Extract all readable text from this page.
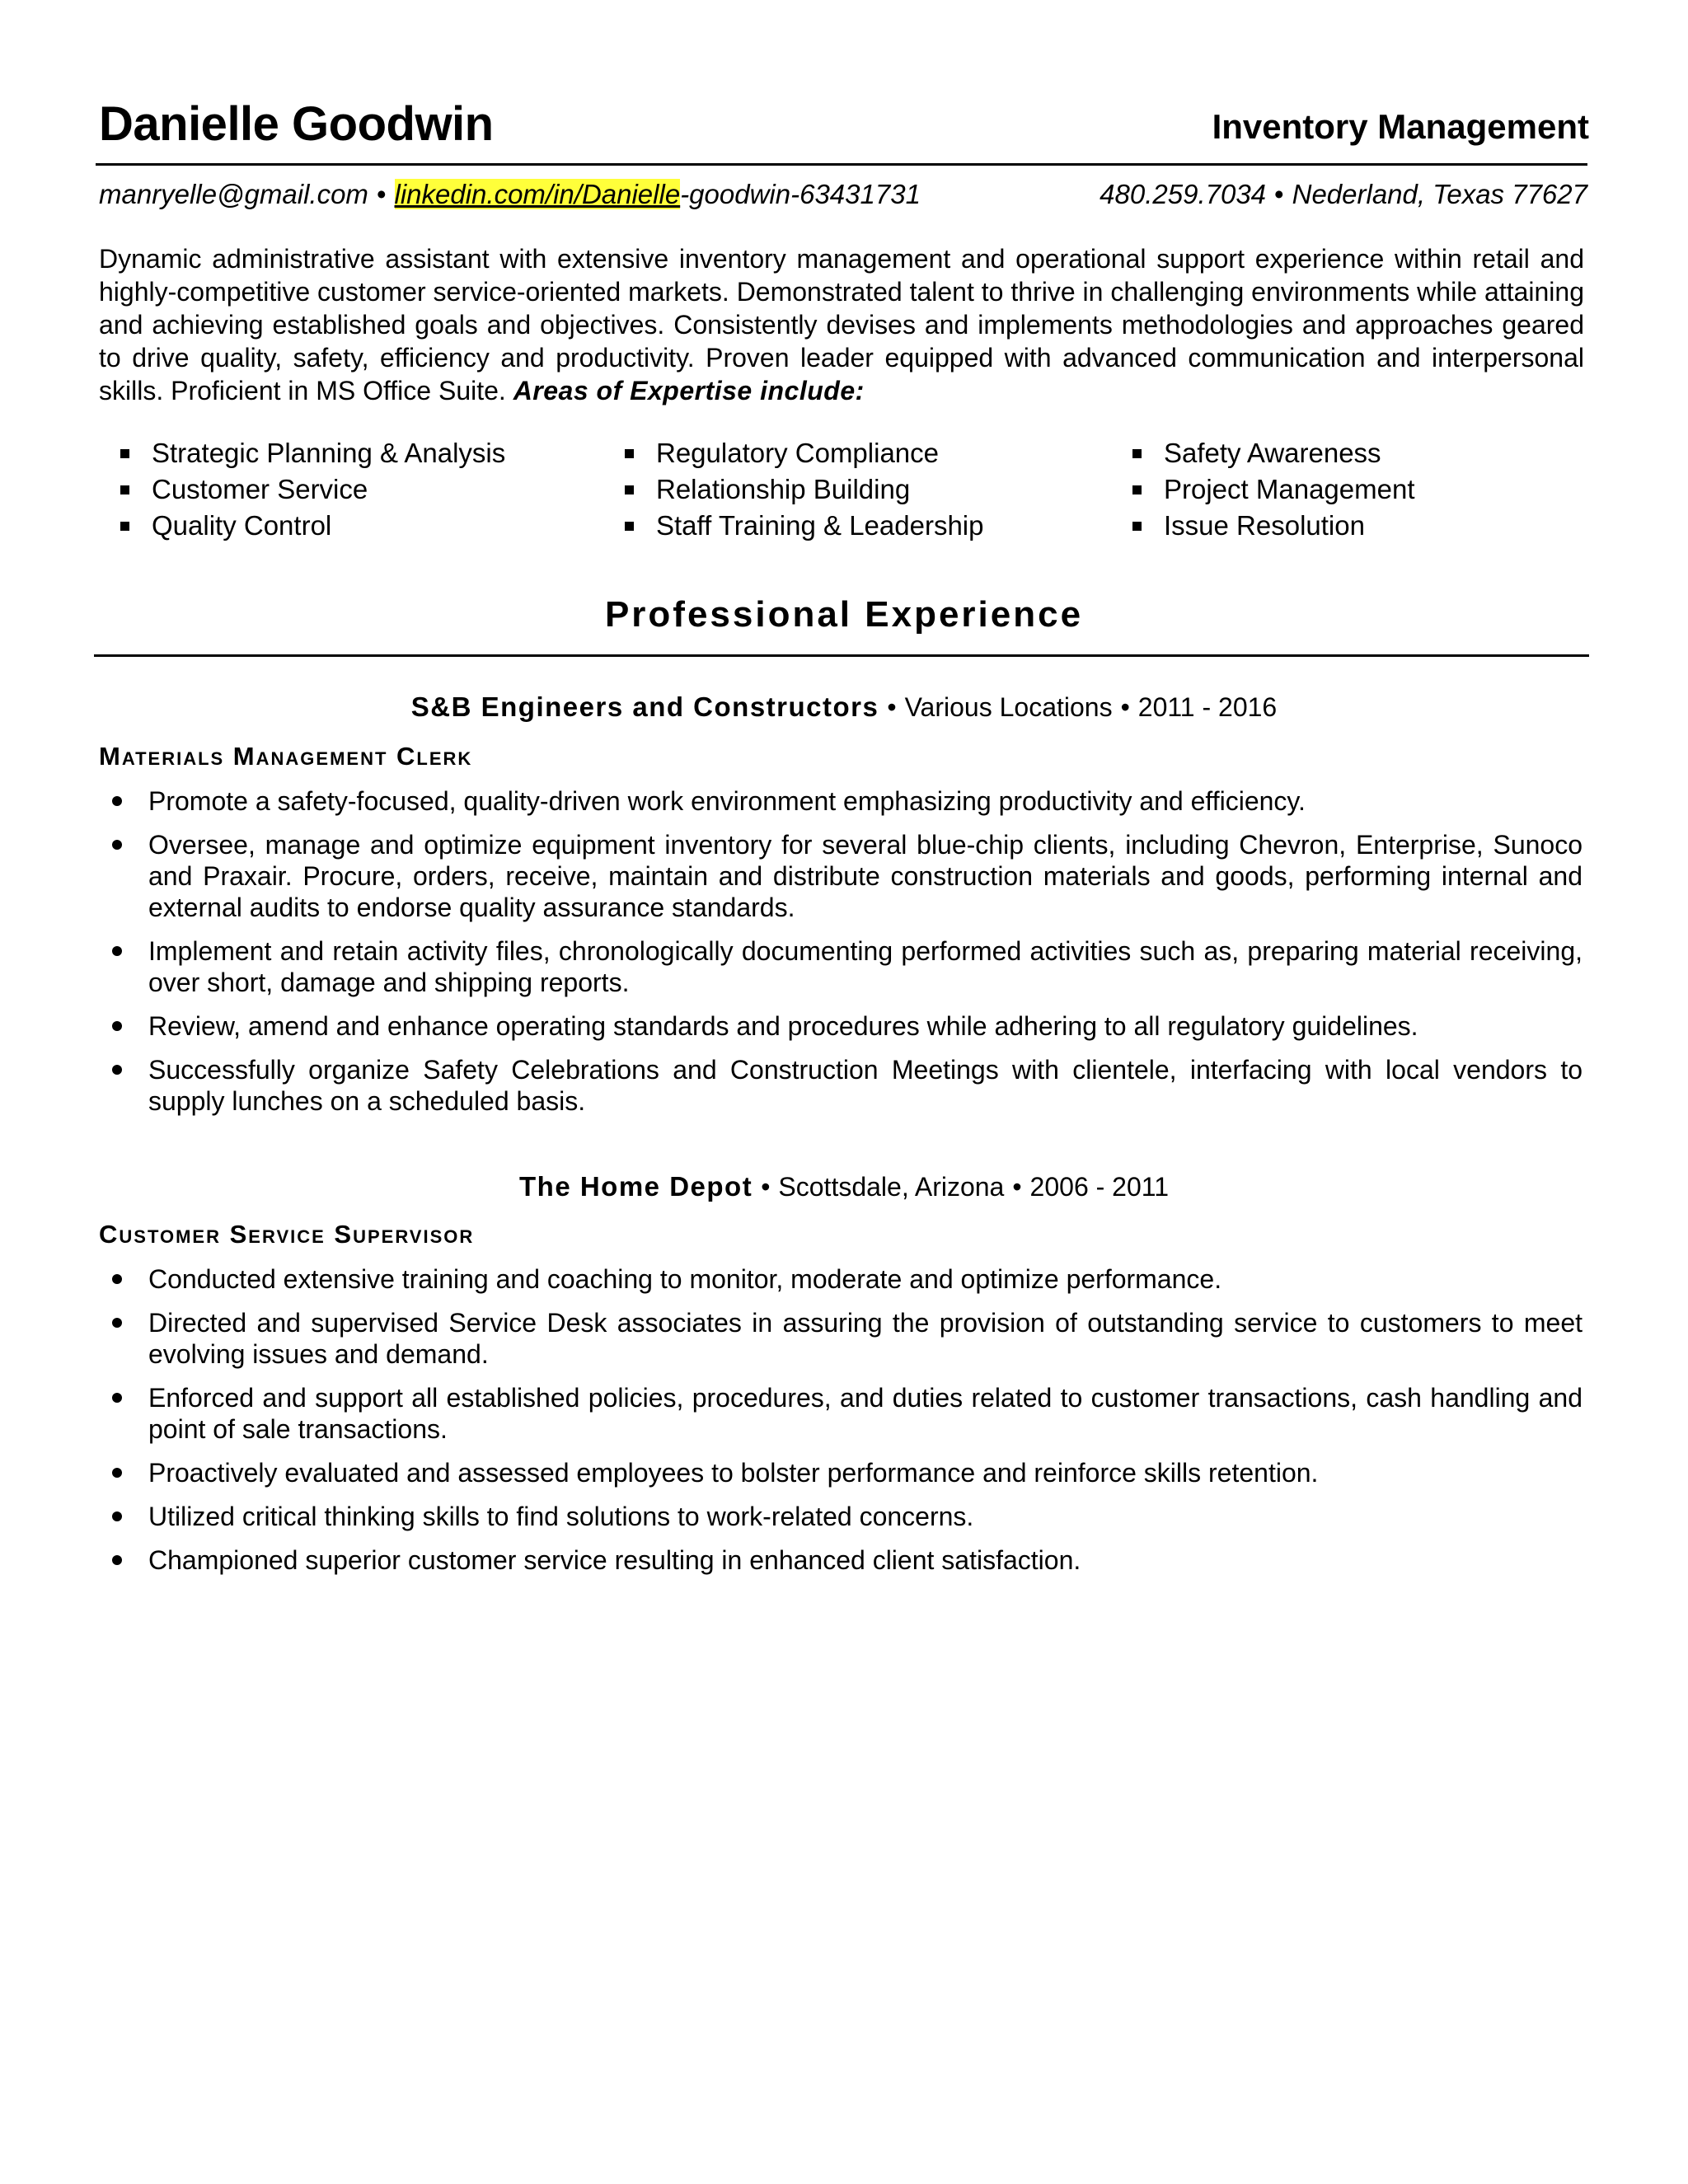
Danielle Goodwin	Inventory Management
manryelle@gmail.com • linkedin.com/in/Danielle-goodwin-63431731	480.259.7034 • Nederland, Texas 77627
Dynamic administrative assistant with extensive inventory management and operational support experience within retail and highly-competitive customer service-oriented markets. Demonstrated talent to thrive in challenging environments while attaining and achieving established goals and objectives. Consistently devises and implements methodologies and approaches geared to drive quality, safety, efficiency and productivity. Proven leader equipped with advanced communication and interpersonal skills. Proficient in MS Office Suite. Areas of Expertise include:
Strategic Planning & Analysis	Regulatory Compliance	Safety Awareness
Customer Service	Relationship Building	Project Management
Quality Control	Staff Training & Leadership	Issue Resolution
Professional Experience
S&B Engineers and Constructors • Various Locations • 2011 - 2016
Materials Management Clerk
Promote a safety-focused, quality-driven work environment emphasizing productivity and efficiency.
Oversee, manage and optimize equipment inventory for several blue-chip clients, including Chevron, Enterprise, Sunoco and Praxair. Procure, orders, receive, maintain and distribute construction materials and goods, performing internal and external audits to endorse quality assurance standards.
Implement and retain activity files, chronologically documenting performed activities such as, preparing material receiving, over short, damage and shipping reports.
Review, amend and enhance operating standards and procedures while adhering to all regulatory guidelines.
Successfully organize Safety Celebrations and Construction Meetings with clientele, interfacing with local vendors to supply lunches on a scheduled basis.
The Home Depot • Scottsdale, Arizona • 2006 - 2011
Customer Service Supervisor
Conducted extensive training and coaching to monitor, moderate and optimize performance.
Directed and supervised Service Desk associates in assuring the provision of outstanding service to customers to meet evolving issues and demand.
Enforced and support all established policies, procedures, and duties related to customer transactions, cash handling and point of sale transactions.
Proactively evaluated and assessed employees to bolster performance and reinforce skills retention.
Utilized critical thinking skills to find solutions to work-related concerns.
Championed superior customer service resulting in enhanced client satisfaction.
